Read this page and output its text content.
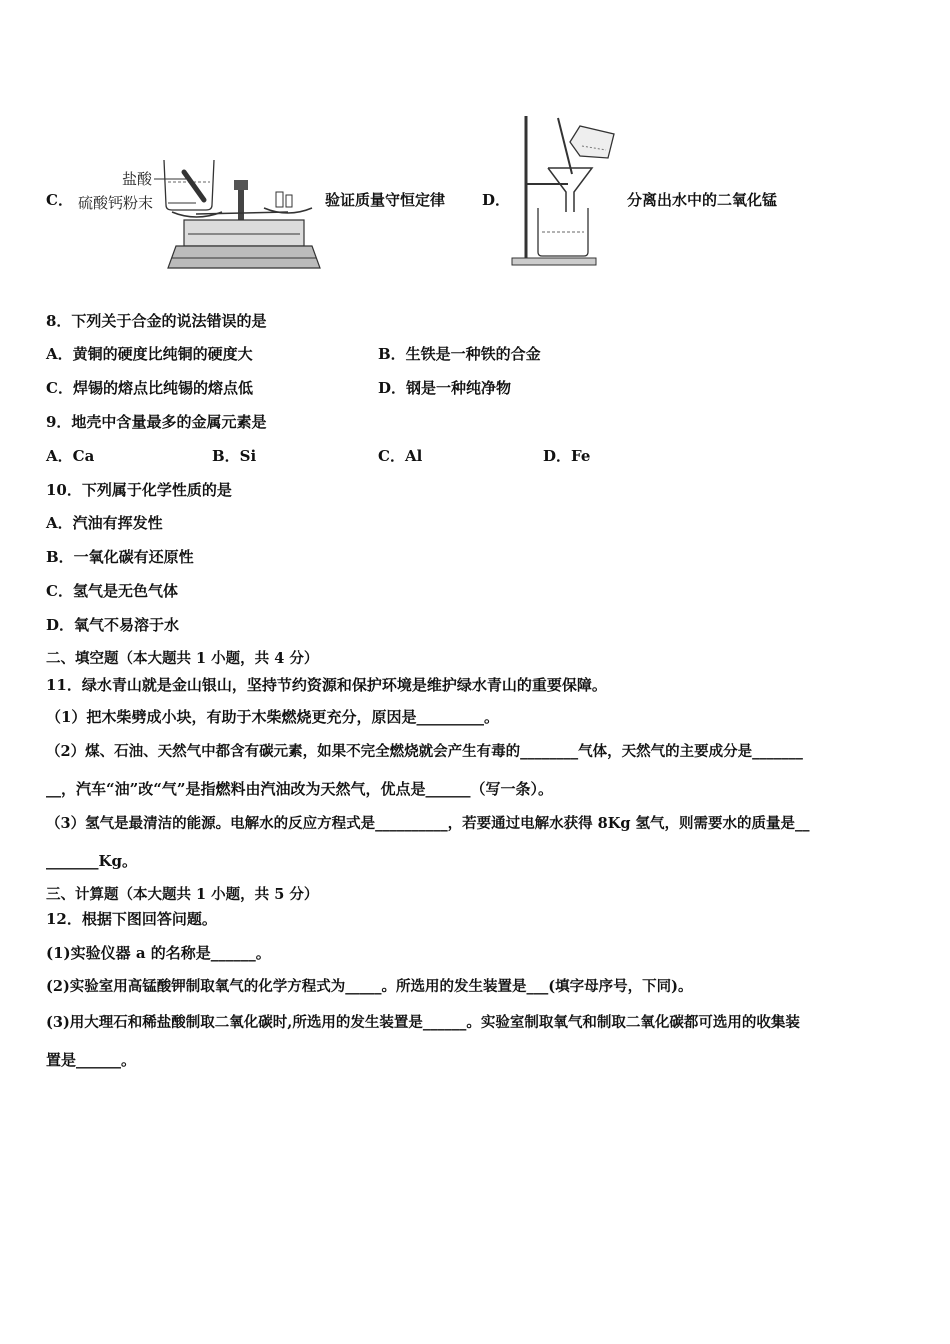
C．
盐酸
硫酸钙粉末	验证质量守恒定律 D．	分离出水中的二氧化锰
8．下列关于合金的说法错误的是
A．黄铜的硬度比纯铜的硬度大	B．生铁是一种铁的合金
C．焊锡的熔点比纯锡的熔点低	D．钢是一种纯净物
9．地壳中含量最多的金属元素是
A．Ca	B．Si	C．Al	D．Fe
10．下列属于化学性质的是
A．汽油有挥发性
B．一氧化碳有还原性
C．氢气是无色气体
D．氧气不易溶于水
二、填空题（本大题共 1 小题，共 4 分）
11．绿水青山就是金山银山，坚持节约资源和保护环境是维护绿水青山的重要保障。
（1）把木柴劈成小块，有助于木柴燃烧更充分，原因是_________。
（2）煤、石油、天然气中都含有碳元素，如果不完全燃烧就会产生有毒的________气体，天然气的主要成分是_______
__，汽车“油”改“气”是指燃料由汽油改为天然气，优点是______（写一条）。
（3）氢气是最清洁的能源。电解水的反应方程式是__________，若要通过电解水获得 8Kg 氢气，则需要水的质量是__
_______Kg。
三、计算题（本大题共 1 小题，共 5 分）
12．根据下图回答问题。
(1)实验仪器 a 的名称是______。
(2)实验室用高锰酸钾制取氧气的化学方程式为_____。所选用的发生装置是___(填字母序号，下同)。
(3)用大理石和稀盐酸制取二氧化碳时,所选用的发生装置是______。实验室制取氧气和制取二氧化碳都可选用的收集装
置是______。
